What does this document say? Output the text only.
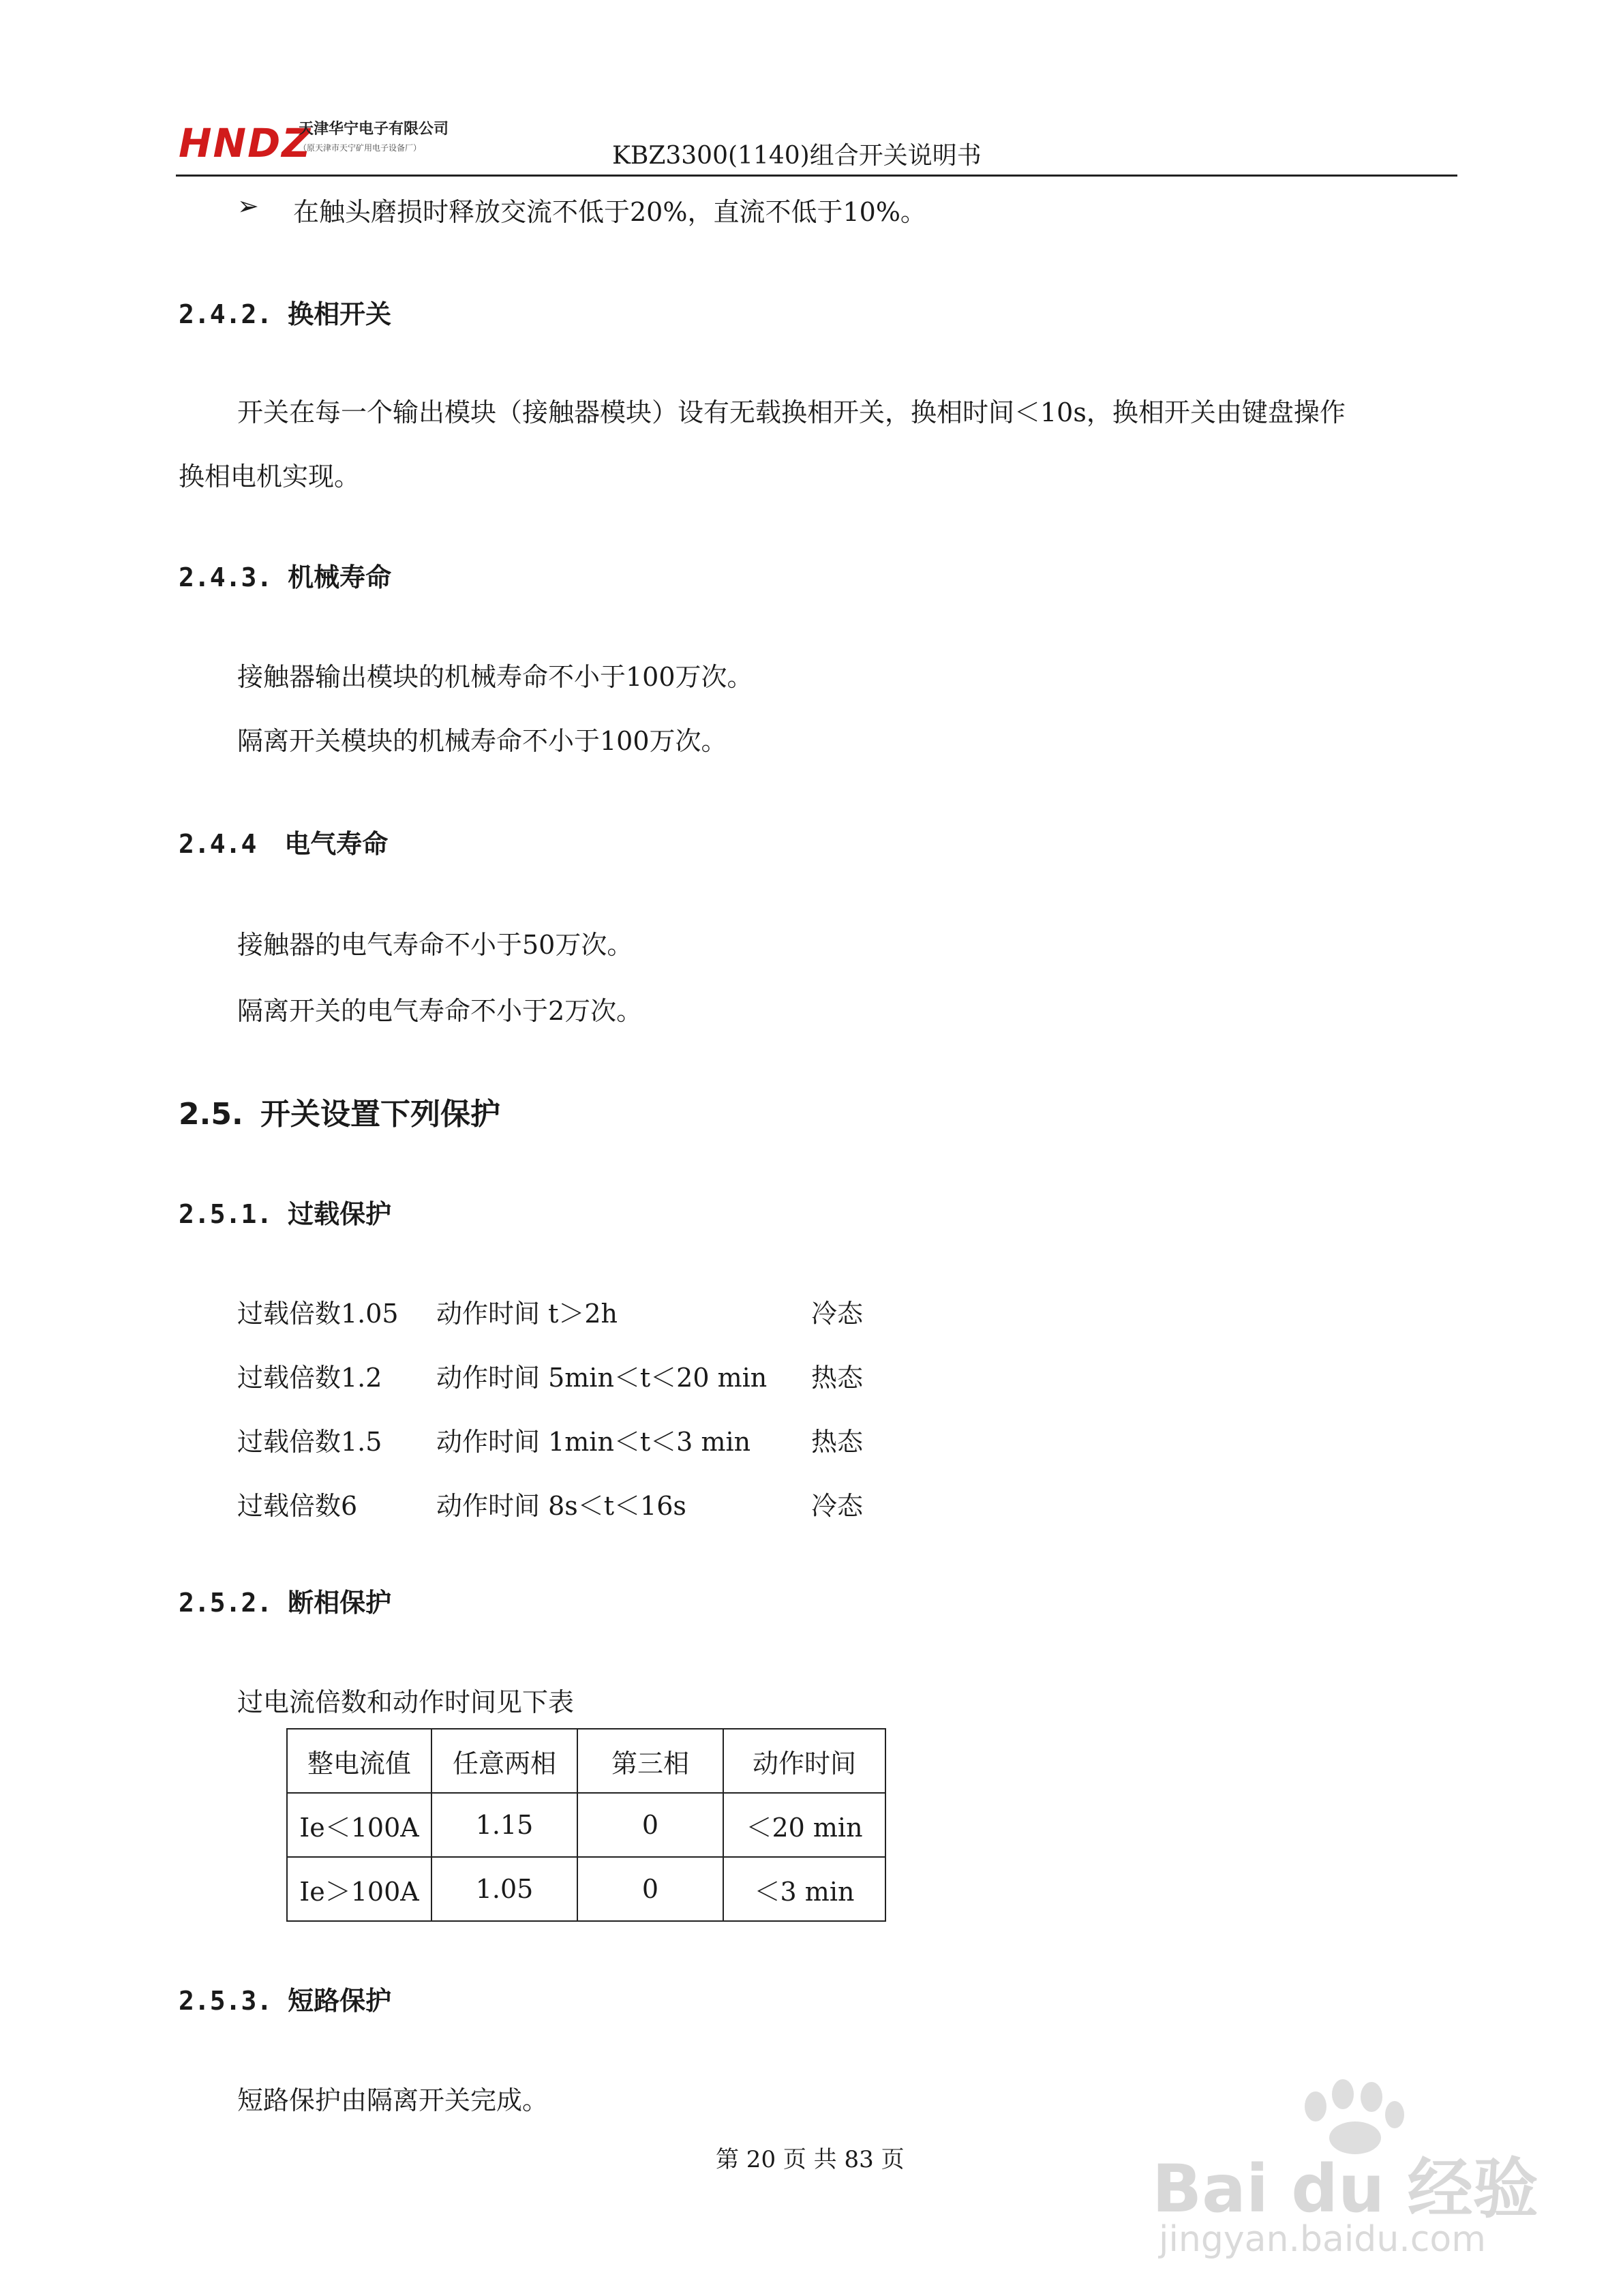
HNDZ
天津华宁电子有限公司
（原天津市天宁矿用电子设备厂）	KBZ3300(1140)组合开关说明书
➢ 在触头磨损时释放交流不低于20%，直流不低于10%。
2.4.2. 换相开关
开关在每一个输出模块（接触器模块）设有无载换相开关，换相时间＜10s，换相开关由键盘操作
换相电机实现。
2.4.3. 机械寿命
接触器输出模块的机械寿命不小于100万次。
隔离开关模块的机械寿命不小于100万次。
2.4.4 电气寿命
接触器的电气寿命不小于50万次。
隔离开关的电气寿命不小于2万次。
2.5. 开关设置下列保护
2.5.1. 过载保护
过载倍数1.05 动作时间 t＞2h	冷态
过载倍数1.2 动作时间 5min＜t＜20 min 热态
过载倍数1.5 动作时间 1min＜t＜3 min 热态
过载倍数6	动作时间 8s＜t＜16s	冷态
2.5.2. 断相保护
过电流倍数和动作时间见下表
整电流值	任意两相	第三相	动作时间
Ie＜100A	1.15	0	＜20 min
Ie＞100A	1.05	0	＜3 min
2.5.3. 短路保护
短路保护由隔离开关完成。
第 20 页 共 83 页	Bai du 经验
jingyan.baidu.com
